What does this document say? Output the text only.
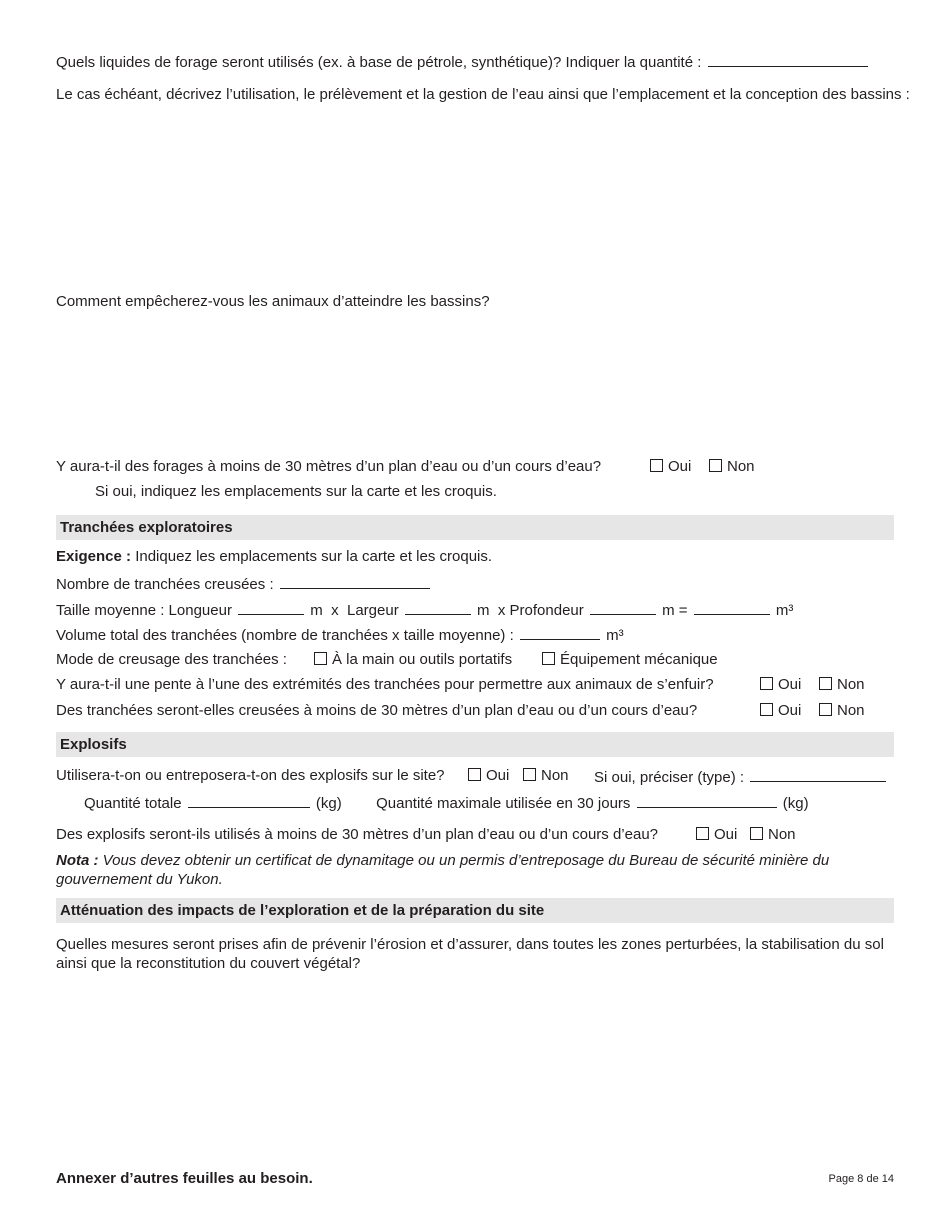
Quels liquides de forage seront utilisés (ex. à base de pétrole, synthétique)? Indiquer la quantité :
Le cas échéant, décrivez l’utilisation, le prélèvement et la gestion de l’eau ainsi que l’emplacement et la conception des bassins :
Comment empêcherez-vous les animaux d’atteindre les bassins?
Y aura-t-il des forages à moins de 30 mètres d’un plan d’eau ou d’un cours d’eau?	Oui	Non
Si oui, indiquez les emplacements sur la carte et les croquis.
Tranchées exploratoires
Exigence : Indiquez les emplacements sur la carte et les croquis.
Nombre de tranchées creusées :
Taille moyenne : Longueur	m x Largeur	m x Profondeur	m =	m³
Volume total des tranchées (nombre de tranchées x taille moyenne) :	m³
Mode de creusage des tranchées :	À la main ou outils portatifs	Équipement mécanique
Y aura-t-il une pente à l’une des extrémités des tranchées pour permettre aux animaux de s’enfuir?	Oui	Non
Des tranchées seront-elles creusées à moins de 30 mètres d’un plan d’eau ou d’un cours d’eau?	Oui	Non
Explosifs
Utilisera-t-on ou entreposera-t-on des explosifs sur le site?	Oui	Non Si oui, préciser (type) :
Quantité totale	(kg) Quantité maximale utilisée en 30 jours	(kg)
Des explosifs seront-ils utilisés à moins de 30 mètres d’un plan d’eau ou d’un cours d’eau?	Oui	Non
Nota : Vous devez obtenir un certificat de dynamitage ou un permis d’entreposage du Bureau de sécurité minière du gouvernement du Yukon.
Atténuation des impacts de l’exploration et de la préparation du site
Quelles mesures seront prises afin de prévenir l’érosion et d’assurer, dans toutes les zones perturbées, la stabilisation du sol ainsi que la reconstitution du couvert végétal?
Annexer d’autres feuilles au besoin.	Page 8 de 14
